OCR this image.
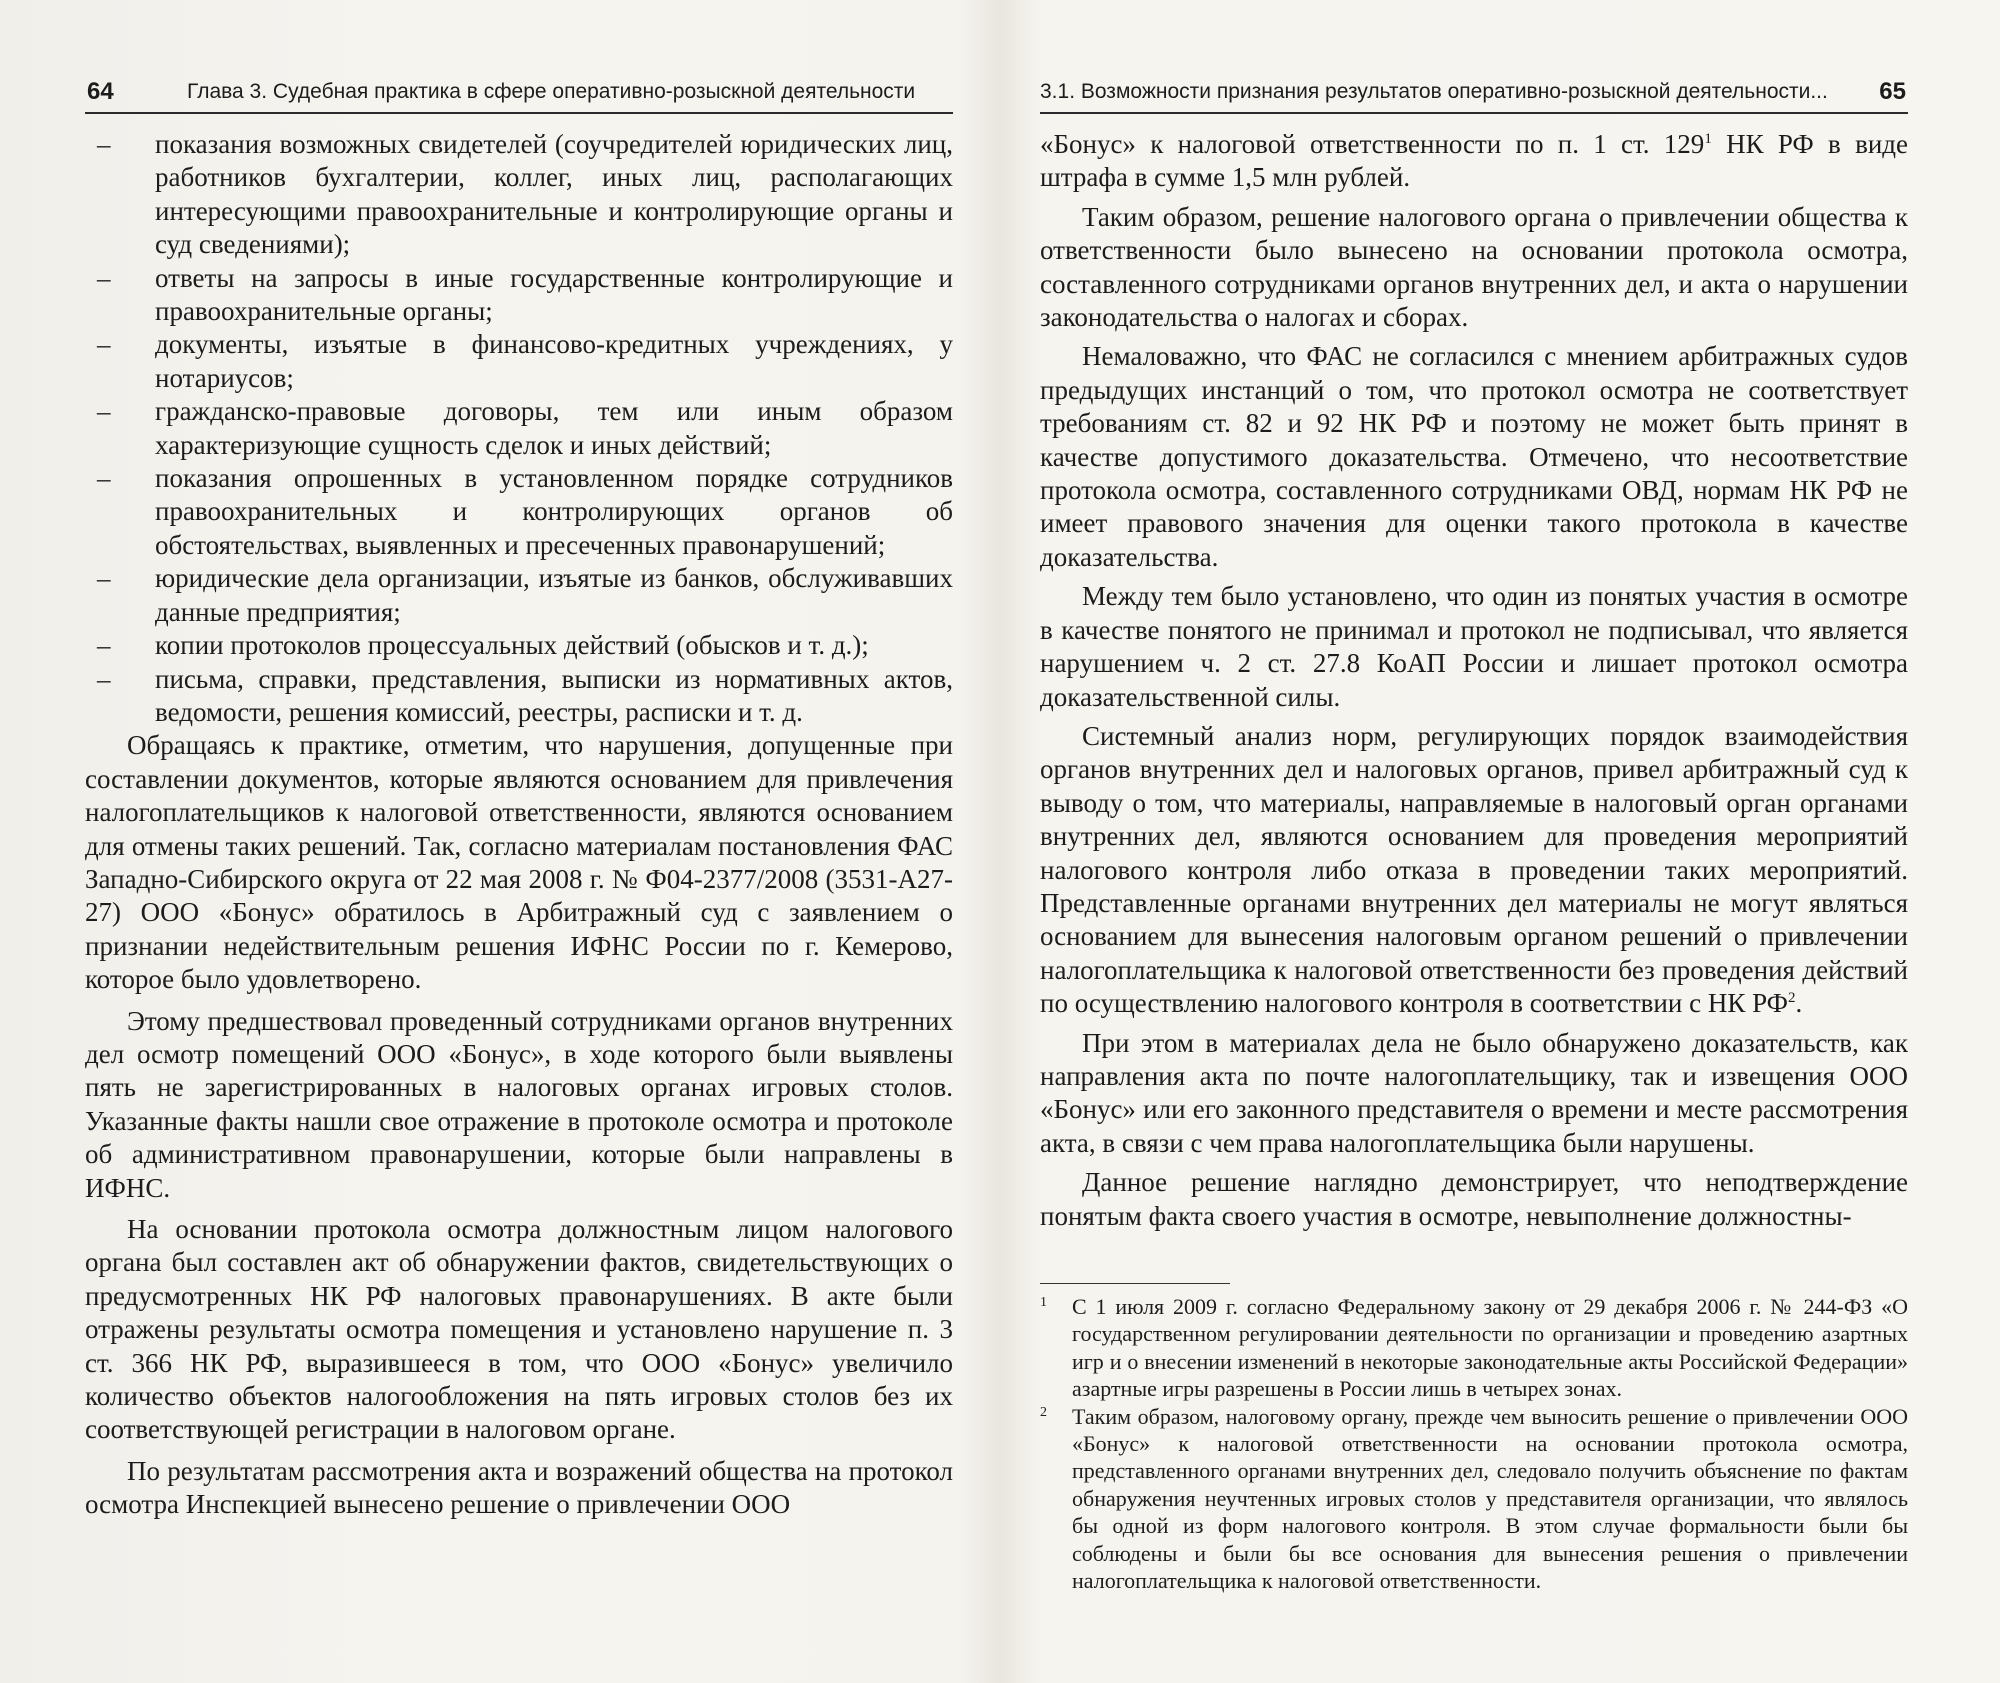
64	Глава 3. Судебная практика в сфере оперативно-розыскной деятельности
– показания возможных свидетелей (соучредителей юридических лиц, работников бухгалтерии, коллег, иных лиц, располагающих интересующими правоохранительные и контролирующие органы и суд сведениями);
– ответы на запросы в иные государственные контролирующие и правоохранительные органы;
– документы, изъятые в финансово-кредитных учреждениях, у нотариусов;
– гражданско-правовые договоры, тем или иным образом характеризующие сущность сделок и иных действий;
– показания опрошенных в установленном порядке сотрудников правоохранительных и контролирующих органов об обстоятельствах, выявленных и пресеченных правонарушений;
– юридические дела организации, изъятые из банков, обслуживавших данные предприятия;
– копии протоколов процессуальных действий (обысков и т. д.);
– письма, справки, представления, выписки из нормативных актов, ведомости, решения комиссий, реестры, расписки и т. д.

Обращаясь к практике, отметим, что нарушения, допущенные при составлении документов, которые являются основанием для привлечения налогоплательщиков к налоговой ответственности, являются основанием для отмены таких решений. Так, согласно материалам постановления ФАС Западно-Сибирского округа от 22 мая 2008 г. № Ф04-2377/2008 (3531-А27-27) ООО «Бонус» обратилось в Арбитражный суд с заявлением о признании недействительным решения ИФНС России по г. Кемерово, которое было удовлетворено.

Этому предшествовал проведенный сотрудниками органов внутренних дел осмотр помещений ООО «Бонус», в ходе которого были выявлены пять не зарегистрированных в налоговых органах игровых столов. Указанные факты нашли свое отражение в протоколе осмотра и протоколе об административном правонарушении, которые были направлены в ИФНС.

На основании протокола осмотра должностным лицом налогового органа был составлен акт об обнаружении фактов, свидетельствующих о предусмотренных НК РФ налоговых правонарушениях. В акте были отражены результаты осмотра помещения и установлено нарушение п. 3 ст. 366 НК РФ, выразившееся в том, что ООО «Бонус» увеличило количество объектов налогообложения на пять игровых столов без их соответствующей регистрации в налоговом органе.

По результатам рассмотрения акта и возражений общества на протокол осмотра Инспекцией вынесено решение о привлечении ООО

3.1. Возможности признания результатов оперативно-розыскной деятельности...	65

«Бонус» к налоговой ответственности по п. 1 ст. $129^1$ НК РФ в виде штрафа в сумме 1,5 млн рублей.

Таким образом, решение налогового органа о привлечении общества к ответственности было вынесено на основании протокола осмотра, составленного сотрудниками органов внутренних дел, и акта о нарушении законодательства о налогах и сборах.

Немаловажно, что ФАС не согласился с мнением арбитражных судов предыдущих инстанций о том, что протокол осмотра не соответствует требованиям ст. 82 и 92 НК РФ и поэтому не может быть принят в качестве допустимого доказательства. Отмечено, что несоответствие протокола осмотра, составленного сотрудниками ОВД, нормам НК РФ не имеет правового значения для оценки такого протокола в качестве доказательства.

Между тем было установлено, что один из понятых участия в осмотре в качестве понятого не принимал и протокол не подписывал, что является нарушением ч. 2 ст. 27.8 КоАП России и лишает протокол осмотра доказательственной силы.

Системный анализ норм, регулирующих порядок взаимодействия органов внутренних дел и налоговых органов, привел арбитражный суд к выводу о том, что материалы, направляемые в налоговый орган органами внутренних дел, являются основанием для проведения мероприятий налогового контроля либо отказа в проведении таких мероприятий. Представленные органами внутренних дел материалы не могут являться основанием для вынесения налоговым органом решений о привлечении налогоплательщика к налоговой ответственности без проведения действий по осуществлению налогового контроля в соответствии с НК $РФ^2$.

При этом в материалах дела не было обнаружено доказательств, как направления акта по почте налогоплательщику, так и извещения ООО «Бонус» или его законного представителя о времени и месте рассмотрения акта, в связи с чем права налогоплательщика были нарушены.

Данное решение наглядно демонстрирует, что неподтверждение понятым факта своего участия в осмотре, невыполнение должностны-

1 С 1 июля 2009 г. согласно Федеральному закону от 29 декабря 2006 г. № 244-ФЗ «О государственном регулировании деятельности по организации и проведению азартных игр и о внесении изменений в некоторые законодательные акты Российской Федерации» азартные игры разрешены в России лишь в четырех зонах.

2 Таким образом, налоговому органу, прежде чем выносить решение о привлечении ООО «Бонус» к налоговой ответственности на основании протокола осмотра, представленного органами внутренних дел, следовало получить объяснение по фактам обнаружения неучтенных игровых столов у представителя организации, что являлось бы одной из форм налогового контроля. В этом случае формальности были бы соблюдены и были бы все основания для вынесения решения о привлечении налогоплательщика к налоговой ответственности.
